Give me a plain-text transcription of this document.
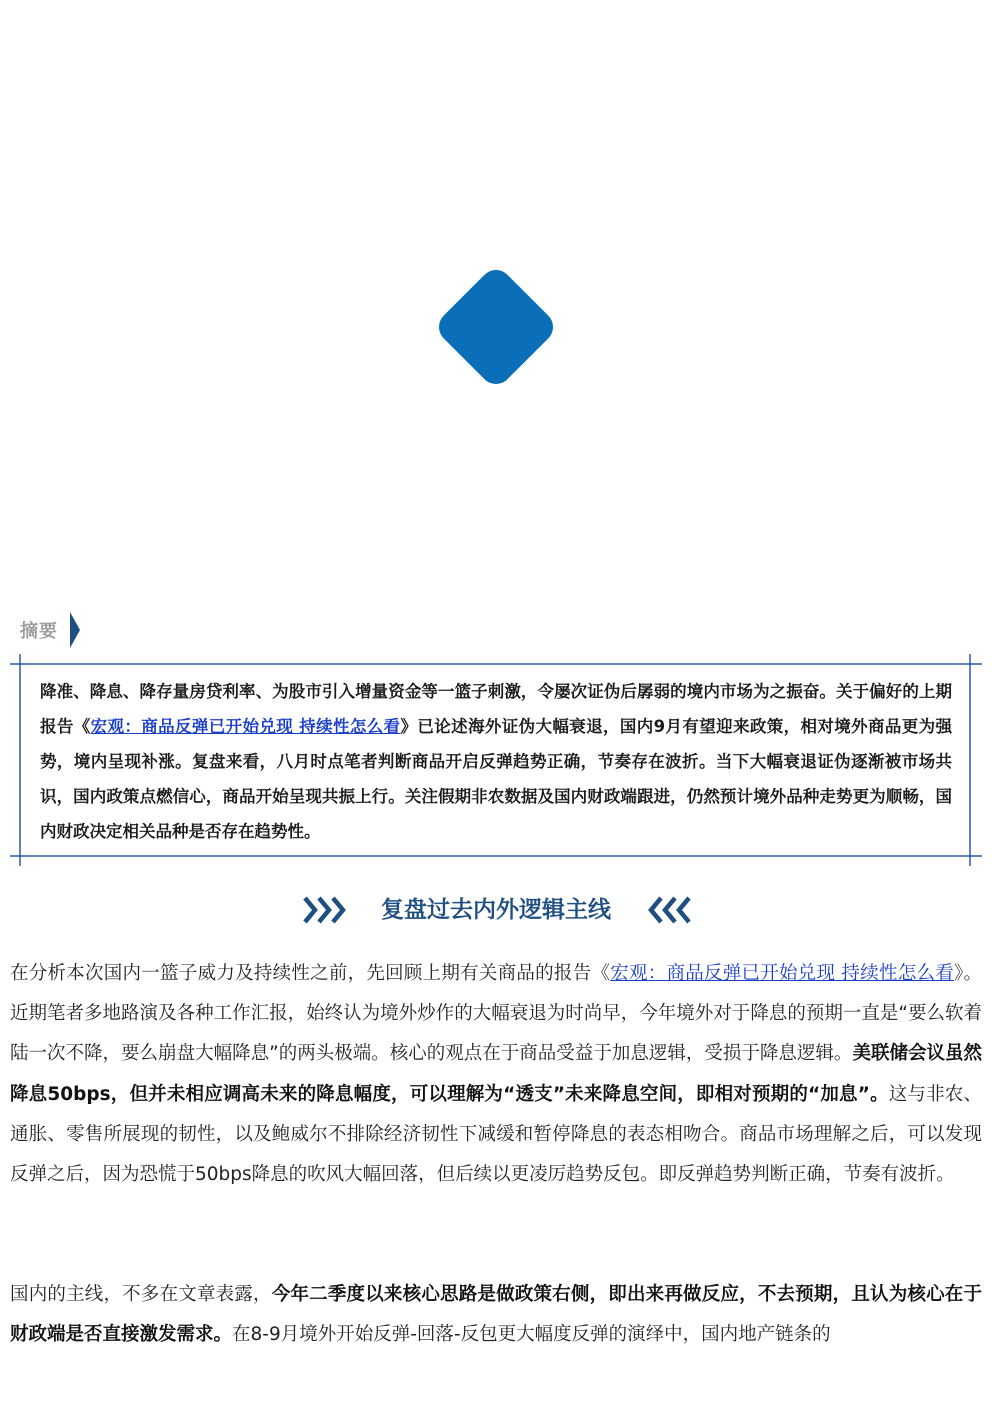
摘要
降准、降息、降存量房贷利率、为股市引入增量资金等一篮子刺激，令屡次证伪后孱弱的境内市场为之振奋。关于偏好的上期报告《宏观：商品反弹已开始兑现 持续性怎么看》已论述海外证伪大幅衰退，国内9月有望迎来政策，相对境外商品更为强势，境内呈现补涨。复盘来看，八月时点笔者判断商品开启反弹趋势正确，节奏存在波折。当下大幅衰退证伪逐渐被市场共识，国内政策点燃信心，商品开始呈现共振上行。关注假期非农数据及国内财政端跟进，仍然预计境外品种走势更为顺畅，国内财政决定相关品种是否存在趋势性。
复盘过去内外逻辑主线
在分析本次国内一篮子威力及持续性之前，先回顾上期有关商品的报告《宏观：商品反弹已开始兑现 持续性怎么看》。近期笔者多地路演及各种工作汇报，始终认为境外炒作的大幅衰退为时尚早，今年境外对于降息的预期一直是“要么软着陆一次不降，要么崩盘大幅降息”的两头极端。核心的观点在于商品受益于加息逻辑，受损于降息逻辑。美联储会议虽然降息50bps，但并未相应调高未来的降息幅度，可以理解为“透支”未来降息空间，即相对预期的“加息”。这与非农、通胀、零售所展现的韧性，以及鲍威尔不排除经济韧性下减缓和暂停降息的表态相吻合。商品市场理解之后，可以发现反弹之后，因为恐慌于50bps降息的吹风大幅回落，但后续以更凌厉趋势反包。即反弹趋势判断正确，节奏有波折。
国内的主线，不多在文章表露，今年二季度以来核心思路是做政策右侧，即出来再做反应，不去预期，且认为核心在于财政端是否直接激发需求。在8-9月境外开始反弹-回落-反包更大幅度反弹的演绎中，国内地产链条的
